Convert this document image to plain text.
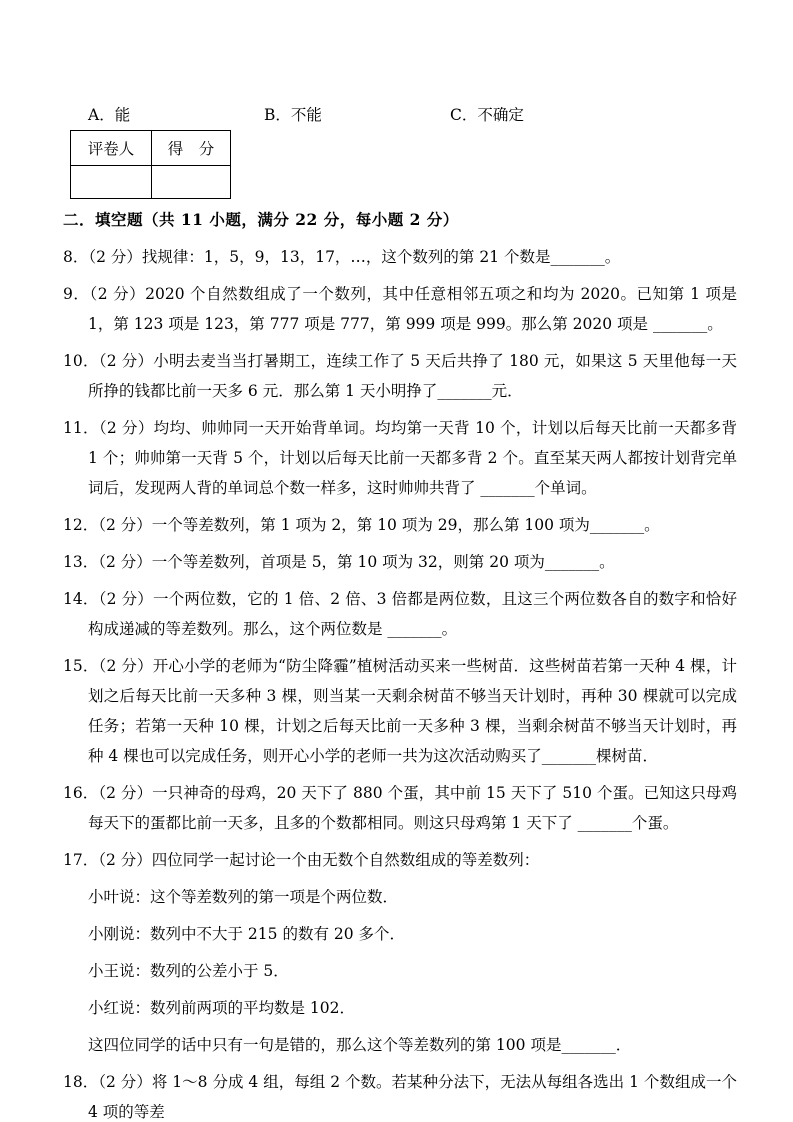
A．能	B．不能	C．不确定
评卷人	得　分

二．填空题（共 11 小题，满分 22 分，每小题 2 分）

8．（2 分）找规律：1，5，9，13，17，…，这个数列的第 21 个数是_______。

9．（2 分）2020 个自然数组成了一个数列，其中任意相邻五项之和均为 2020。已知第 1 项是 1，第 123 项是 123，第 777 项是 777，第 999 项是 999。那么第 2020 项是 _______。

10．（2 分）小明去麦当当打暑期工，连续工作了 5 天后共挣了 180 元，如果这 5 天里他每一天所挣的钱都比前一天多 6 元．那么第 1 天小明挣了_______元．

11．（2 分）均均、帅帅同一天开始背单词。均均第一天背 10 个，计划以后每天比前一天都多背 1 个；帅帅第一天背 5 个，计划以后每天比前一天都多背 2 个。直至某天两人都按计划背完单词后，发现两人背的单词总个数一样多，这时帅帅共背了 _______个单词。

12．（2 分）一个等差数列，第 1 项为 2，第 10 项为 29，那么第 100 项为_______。

13．（2 分）一个等差数列，首项是 5，第 10 项为 32，则第 20 项为_______。

14．（2 分）一个两位数，它的 1 倍、2 倍、3 倍都是两位数，且这三个两位数各自的数字和恰好构成递减的等差数列。那么，这个两位数是 _______。

15．（2 分）开心小学的老师为“防尘降霾”植树活动买来一些树苗．这些树苗若第一天种 4 棵，计划之后每天比前一天多种 3 棵，则当某一天剩余树苗不够当天计划时，再种 30 棵就可以完成任务；若第一天种 10 棵，计划之后每天比前一天多种 3 棵，当剩余树苗不够当天计划时，再种 4 棵也可以完成任务，则开心小学的老师一共为这次活动购买了_______棵树苗．

16．（2 分）一只神奇的母鸡，20 天下了 880 个蛋，其中前 15 天下了 510 个蛋。已知这只母鸡每天下的蛋都比前一天多，且多的个数都相同。则这只母鸡第 1 天下了 _______个蛋。

17．（2 分）四位同学一起讨论一个由无数个自然数组成的等差数列：

小叶说：这个等差数列的第一项是个两位数．

小刚说：数列中不大于 215 的数有 20 多个．

小王说：数列的公差小于 5．

小红说：数列前两项的平均数是 102．

这四位同学的话中只有一句是错的，那么这个等差数列的第 100 项是_______．

18．（2 分）将 1～8 分成 4 组，每组 2 个数。若某种分法下，无法从每组各选出 1 个数组成一个 4 项的等差
